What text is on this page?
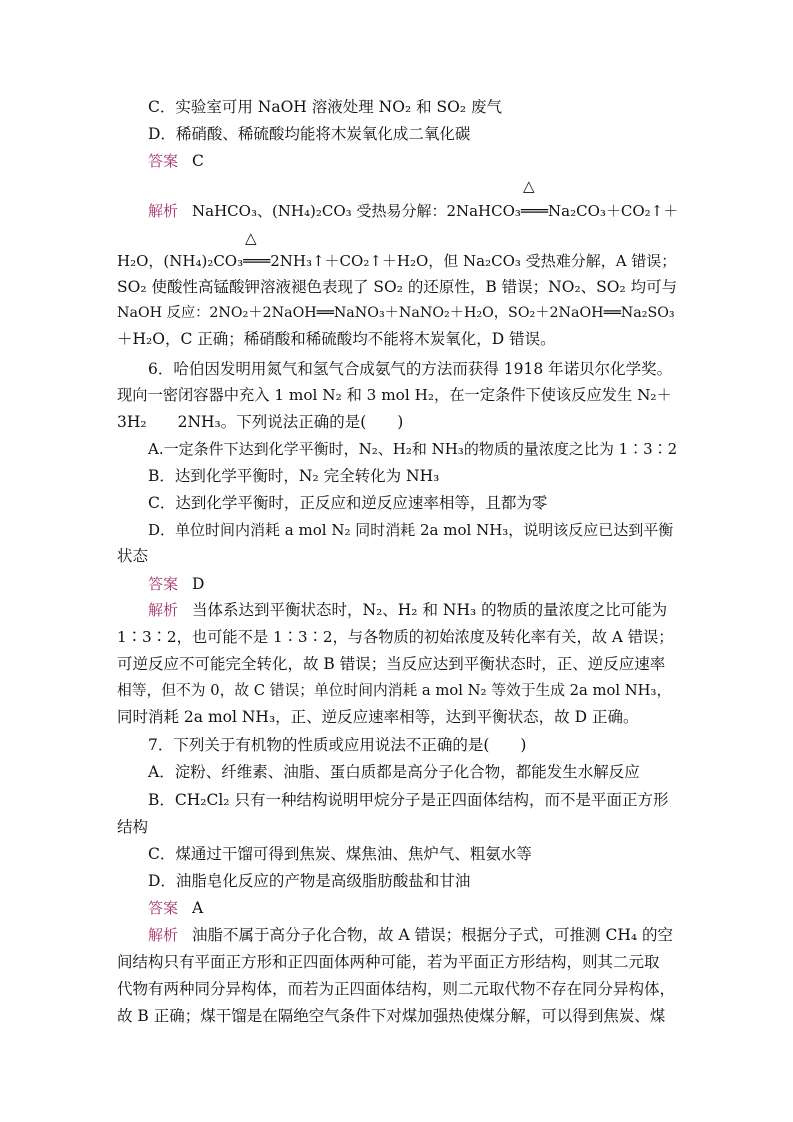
C．实验室可用 NaOH 溶液处理 NO₂ 和 SO₂ 废气
D．稀硝酸、稀硫酸均能将木炭氧化成二氧化碳
答案 C
△
解析 NaHCO₃、(NH₄)₂CO₃ 受热易分解：2NaHCO₃═══Na₂CO₃＋CO₂↑＋
△
H₂O，(NH₄)₂CO₃═══2NH₃↑＋CO₂↑＋H₂O，但 Na₂CO₃ 受热难分解，A 错误；
SO₂ 使酸性高锰酸钾溶液褪色表现了 SO₂ 的还原性，B 错误；NO₂、SO₂ 均可与
NaOH 反应：2NO₂＋2NaOH══NaNO₃＋NaNO₂＋H₂O，SO₂＋2NaOH══Na₂SO₃
＋H₂O，C 正确；稀硝酸和稀硫酸均不能将木炭氧化，D 错误。
6．哈伯因发明用氮气和氢气合成氨气的方法而获得 1918 年诺贝尔化学奖。
现向一密闭容器中充入 1 mol N₂ 和 3 mol H₂，在一定条件下使该反应发生 N₂＋
3H₂　　2NH₃。下列说法正确的是(　　)
A.一定条件下达到化学平衡时，N₂、H₂和 NH₃的物质的量浓度之比为 1∶3∶2
B．达到化学平衡时，N₂ 完全转化为 NH₃
C．达到化学平衡时，正反应和逆反应速率相等，且都为零
D．单位时间内消耗 a mol N₂ 同时消耗 2a mol NH₃，说明该反应已达到平衡
状态
答案 D
解析 当体系达到平衡状态时，N₂、H₂ 和 NH₃ 的物质的量浓度之比可能为
1∶3∶2，也可能不是 1∶3∶2，与各物质的初始浓度及转化率有关，故 A 错误；
可逆反应不可能完全转化，故 B 错误；当反应达到平衡状态时，正、逆反应速率
相等，但不为 0，故 C 错误；单位时间内消耗 a mol N₂ 等效于生成 2a mol NH₃，
同时消耗 2a mol NH₃，正、逆反应速率相等，达到平衡状态，故 D 正确。
7．下列关于有机物的性质或应用说法不正确的是(　　)
A．淀粉、纤维素、油脂、蛋白质都是高分子化合物，都能发生水解反应
B．CH₂Cl₂ 只有一种结构说明甲烷分子是正四面体结构，而不是平面正方形
结构
C．煤通过干馏可得到焦炭、煤焦油、焦炉气、粗氨水等
D．油脂皂化反应的产物是高级脂肪酸盐和甘油
答案 A
解析 油脂不属于高分子化合物，故 A 错误；根据分子式，可推测 CH₄ 的空
间结构只有平面正方形和正四面体两种可能，若为平面正方形结构，则其二元取
代物有两种同分异构体，而若为正四面体结构，则二元取代物不存在同分异构体，
故 B 正确；煤干馏是在隔绝空气条件下对煤加强热使煤分解，可以得到焦炭、煤
